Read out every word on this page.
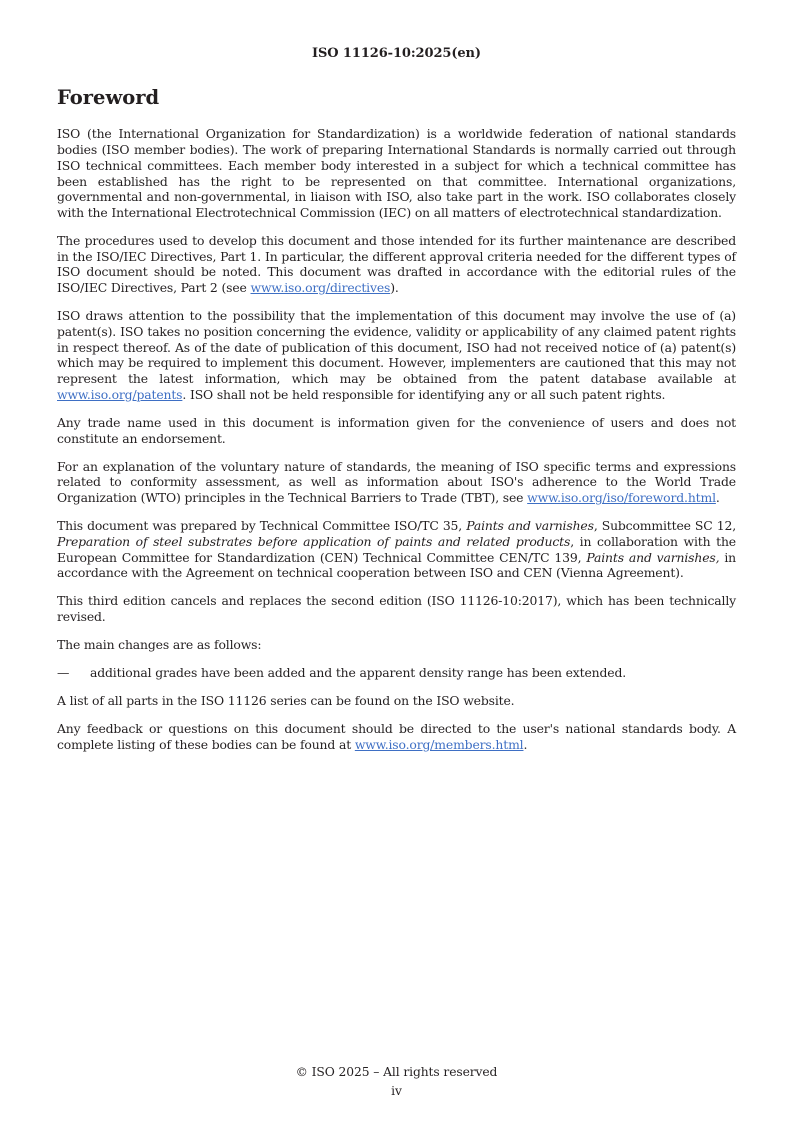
ISO 11126-10:2025(en)
Foreword

ISO (the International Organization for Standardization) is a worldwide federation of national standards bodies (ISO member bodies). The work of preparing International Standards is normally carried out through ISO technical committees. Each member body interested in a subject for which a technical committee has been established has the right to be represented on that committee. International organizations, governmental and non-governmental, in liaison with ISO, also take part in the work. ISO collaborates closely with the International Electrotechnical Commission (IEC) on all matters of electrotechnical standardization.

The procedures used to develop this document and those intended for its further maintenance are described in the ISO/IEC Directives, Part 1. In particular, the different approval criteria needed for the different types of ISO document should be noted. This document was drafted in accordance with the editorial rules of the ISO/IEC Directives, Part 2 (see www.iso.org/directives).

ISO draws attention to the possibility that the implementation of this document may involve the use of (a) patent(s). ISO takes no position concerning the evidence, validity or applicability of any claimed patent rights in respect thereof. As of the date of publication of this document, ISO had not received notice of (a) patent(s) which may be required to implement this document. However, implementers are cautioned that this may not represent the latest information, which may be obtained from the patent database available at www.iso.org/patents. ISO shall not be held responsible for identifying any or all such patent rights.

Any trade name used in this document is information given for the convenience of users and does not constitute an endorsement.

For an explanation of the voluntary nature of standards, the meaning of ISO specific terms and expressions related to conformity assessment, as well as information about ISO's adherence to the World Trade Organization (WTO) principles in the Technical Barriers to Trade (TBT), see www.iso.org/iso/foreword.html.

This document was prepared by Technical Committee ISO/TC 35, Paints and varnishes, Subcommittee SC 12, Preparation of steel substrates before application of paints and related products, in collaboration with the European Committee for Standardization (CEN) Technical Committee CEN/TC 139, Paints and varnishes, in accordance with the Agreement on technical cooperation between ISO and CEN (Vienna Agreement).

This third edition cancels and replaces the second edition (ISO 11126-10:2017), which has been technically revised.

The main changes are as follows:

—	additional grades have been added and the apparent density range has been extended.

A list of all parts in the ISO 11126 series can be found on the ISO website.

Any feedback or questions on this document should be directed to the user's national standards body. A complete listing of these bodies can be found at www.iso.org/members.html.

© ISO 2025 – All rights reserved
iv
